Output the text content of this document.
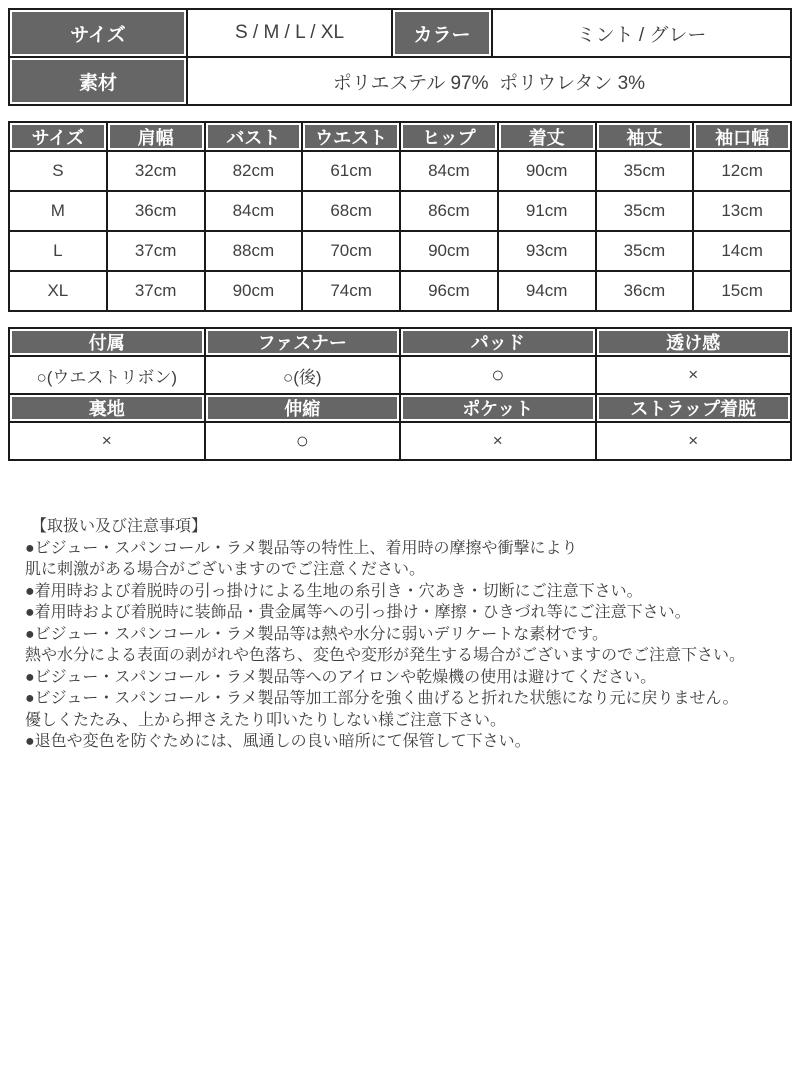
サイズ	S / M / L / XL	カラー	ミント / グレー
素材	ポリエステル 97%  ポリウレタン 3%		
サイズ	肩幅	バスト	ウエスト	ヒップ	着丈	袖丈	袖口幅
S	32cm	82cm	61cm	84cm	90cm	35cm	12cm
M	36cm	84cm	68cm	86cm	91cm	35cm	13cm
L	37cm	88cm	70cm	90cm	93cm	35cm	14cm
XL	37cm	90cm	74cm	96cm	94cm	36cm	15cm
付属	ファスナー	パッド	透け感
○(ウエストリボン)	○(後)	○	×
裏地	伸縮	ポケット	ストラップ着脱
×	○	×	×
【取扱い及び注意事項】
●ビジュー・スパンコール・ラメ製品等の特性上、着用時の摩擦や衝撃により
肌に刺激がある場合がございますのでご注意ください。
●着用時および着脱時の引っ掛けによる生地の糸引き・穴あき・切断にご注意下さい。
●着用時および着脱時に装飾品・貴金属等への引っ掛け・摩擦・ひきづれ等にご注意下さい。
●ビジュー・スパンコール・ラメ製品等は熱や水分に弱いデリケートな素材です。
熱や水分による表面の剥がれや色落ち、変色や変形が発生する場合がございますのでご注意下さい。
●ビジュー・スパンコール・ラメ製品等へのアイロンや乾燥機の使用は避けてください。
●ビジュー・スパンコール・ラメ製品等加工部分を強く曲げると折れた状態になり元に戻りません。
優しくたたみ、上から押さえたり叩いたりしない様ご注意下さい。
●退色や変色を防ぐためには、風通しの良い暗所にて保管して下さい。
